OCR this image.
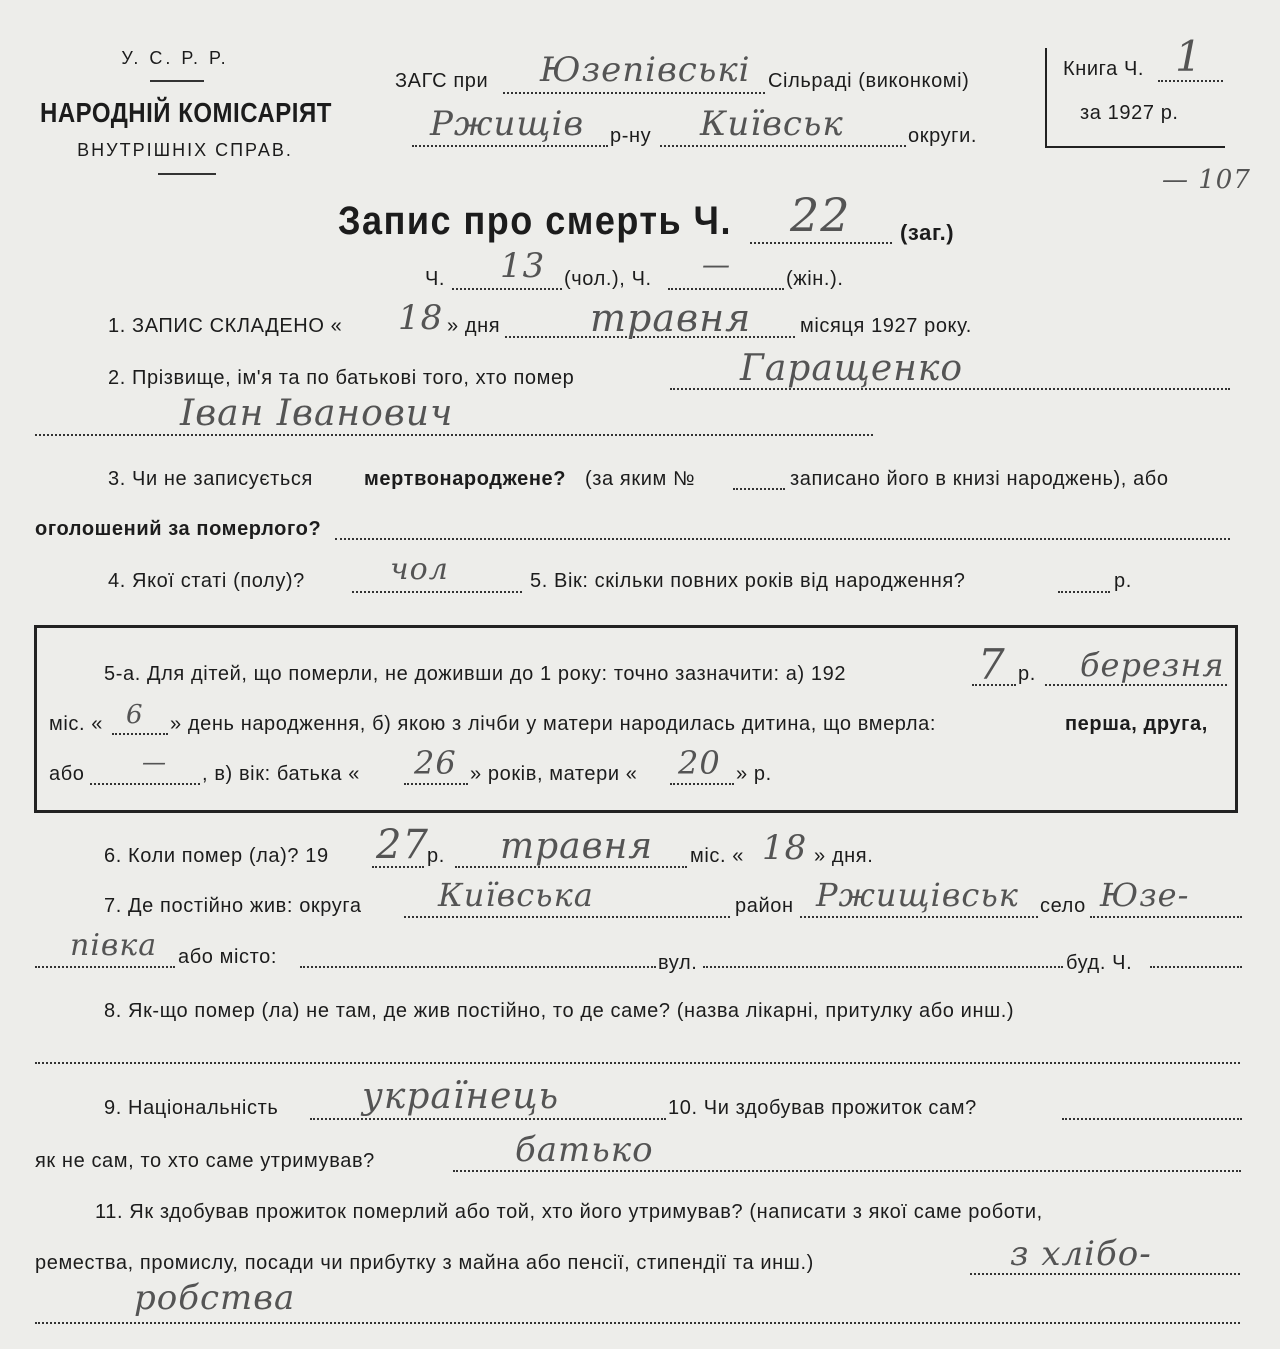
У. С. Р. Р.
НАРОДНІЙ КОМІСАРІЯТ
ВНУТРІШНІХ СПРАВ.
ЗАГС при Юзепівські Сільраді (виконкомі)
Ржищів р-ну Київськ	округи.
Книга Ч. 1
за 1927 р.
— 107
Запис про смерть Ч. 22 (заг.)
Ч. 13 (чол.), Ч. —	(жін.).
1. ЗАПИС СКЛАДЕНО « 18 » дня травня місяця 1927 року.
2. Прізвище, ім'я та по батькові того, хто помер	Гаращенко
Іван Іванович
3. Чи не записується	мертвонароджене? (за яким №	записано його в книзі народжень), або
оголошений за померлого?
4. Якої статі (полу)?	чол	5. Вік: скільки повних років від народження?	р.
5-а. Для дітей, що померли, не доживши до 1 року: точно зазначити: а) 192	7 р. березня
міс. « 6 » день народження, б) якою з лічби у матери народилась дитина, що вмерла:	перша, друга,
або — , в) вік: батька « 26 » років, матери « 20 » р.
6. Коли помер (ла)? 19 27
р. травня міс. « 18 » дня.
7. Де постійно жив: округа Київська	район Ржищівськ село Юзе-
півка або місто:	вул.	буд. Ч.
8. Як-що помер (ла) не там, де жив постійно, то де саме? (назва лікарні, притулку або инш.)
9. Національність українець	10. Чи здобував прожиток сам?
як не сам, то хто саме утримував?	батько
11. Як здобував прожиток померлий або той, хто його утримував? (написати з якої саме роботи,
ремества, промислу, посади чи прибутку з майна або пенсії, стипендії та инш.)	з хлібо-
робства
